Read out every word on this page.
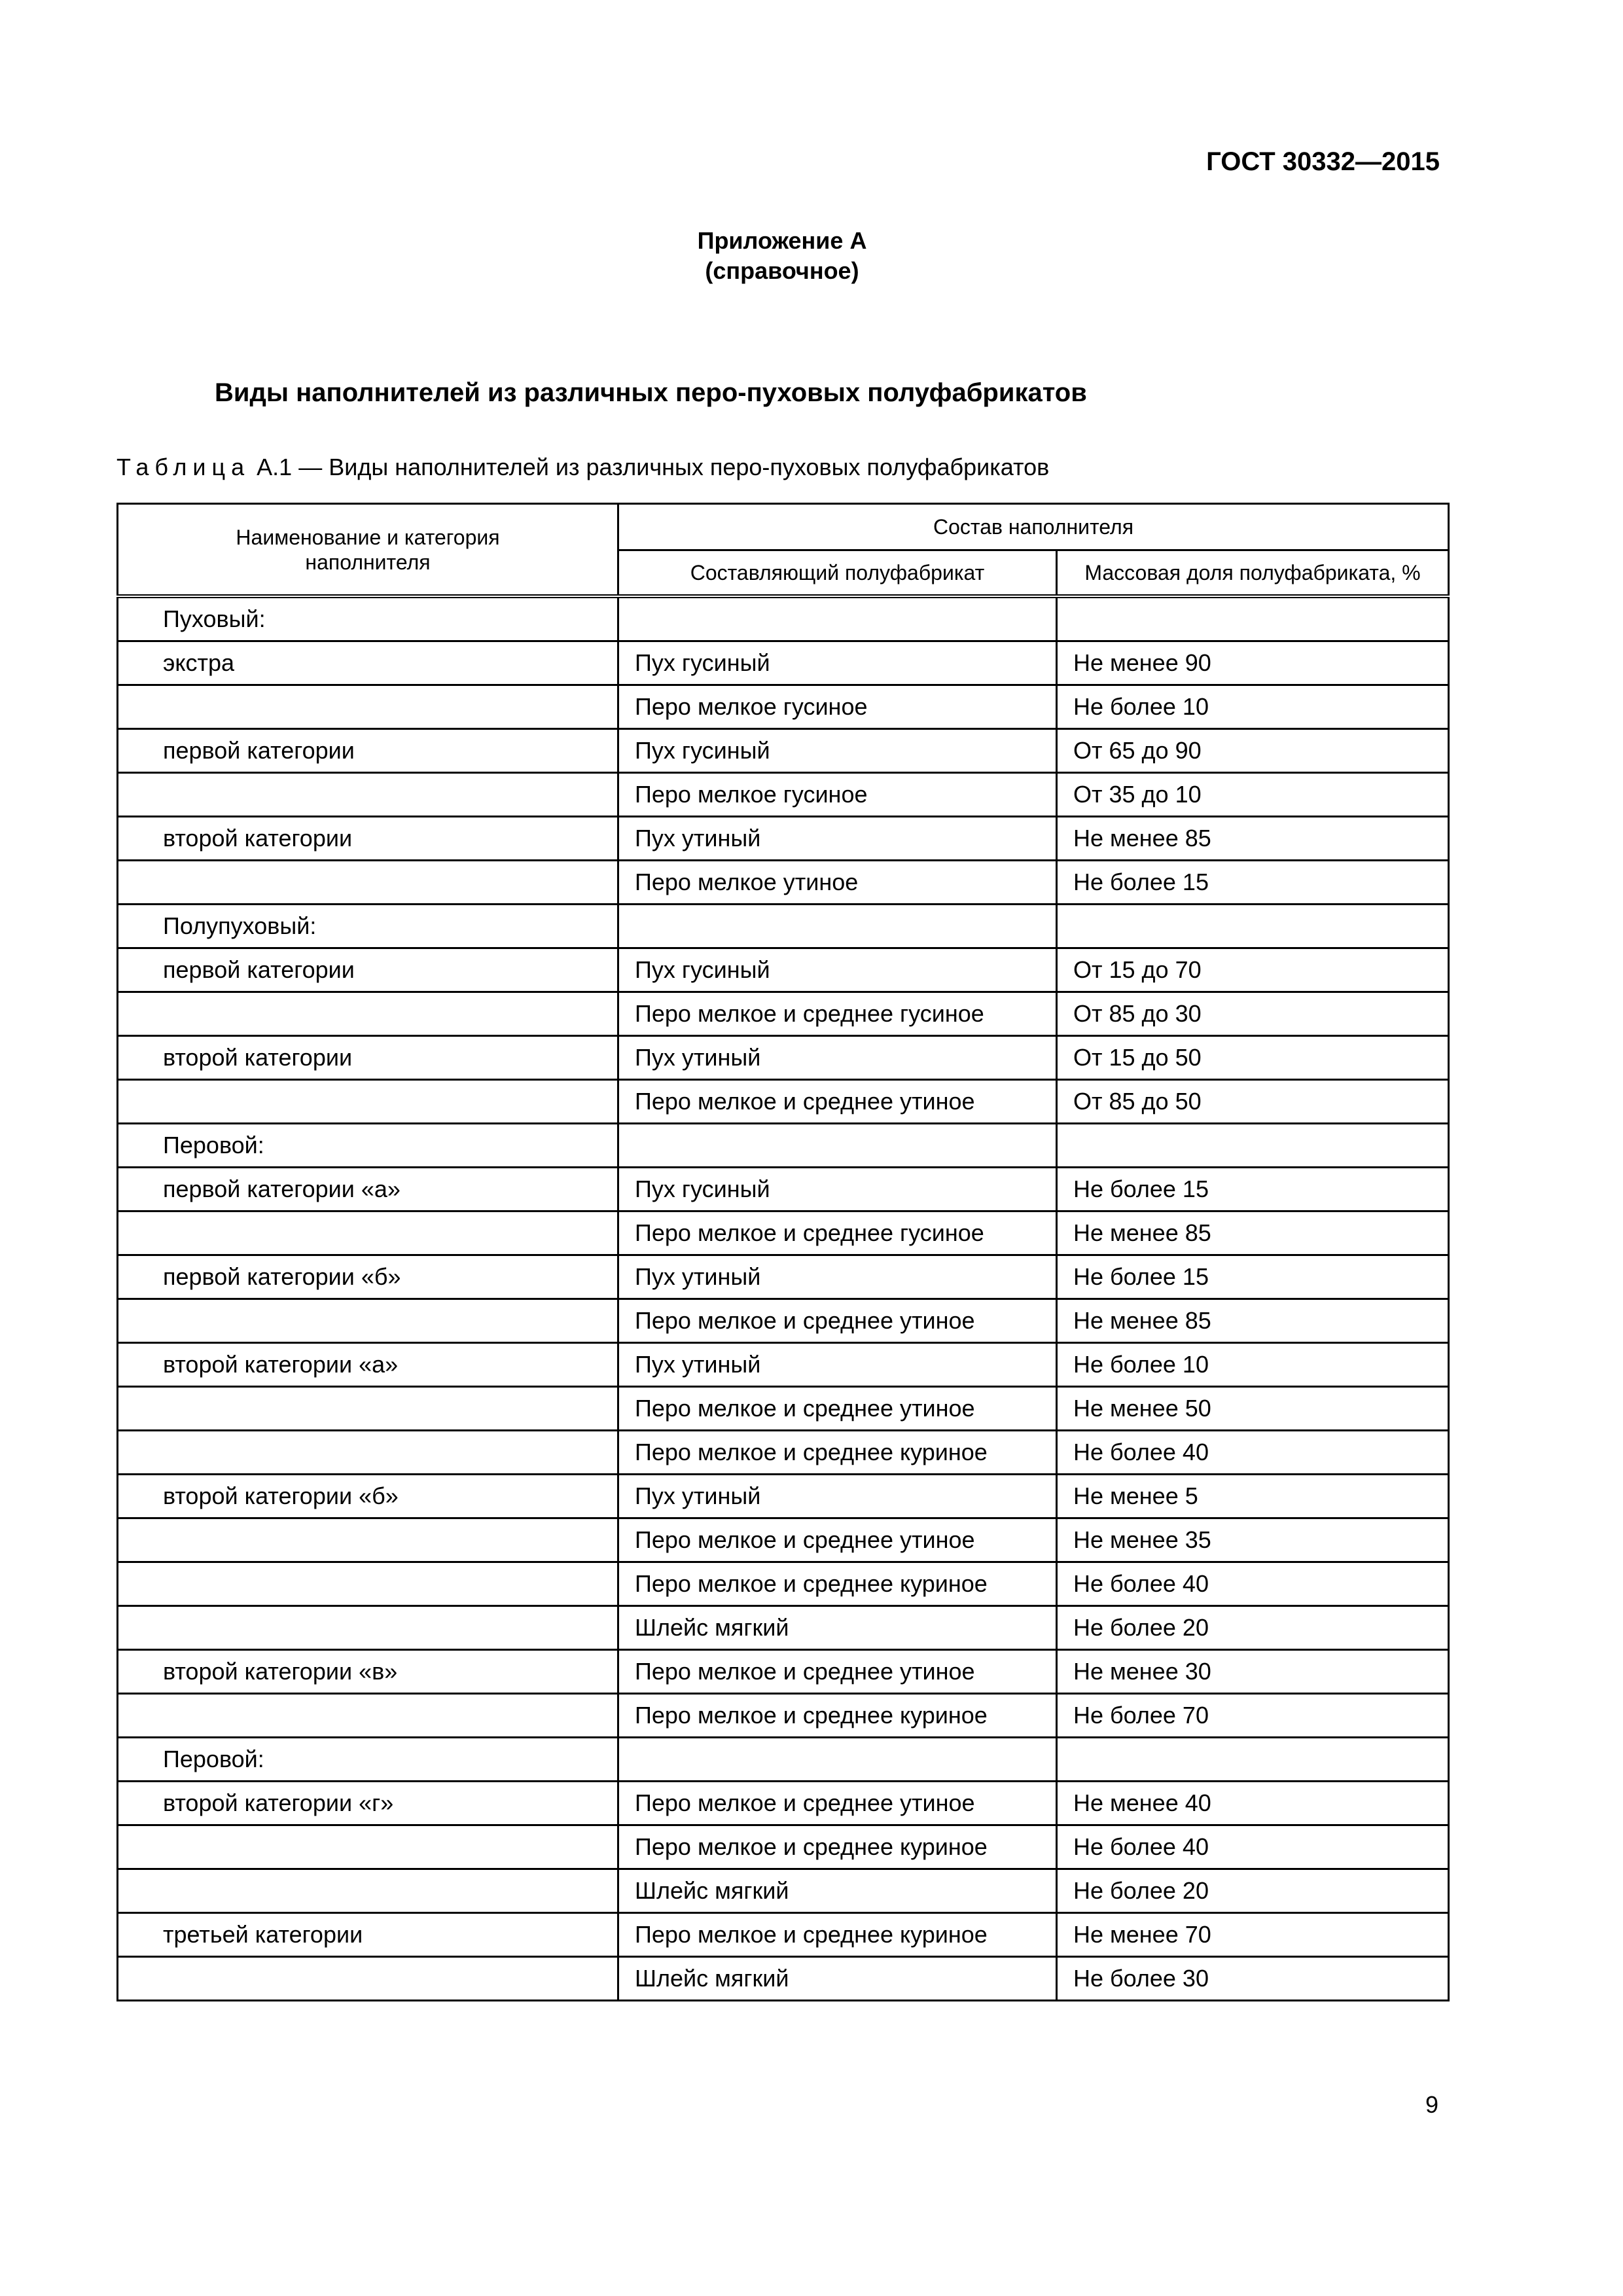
ГОСТ 30332—2015

Приложение А
(справочное)

Виды наполнителей из различных перо-пуховых полуфабрикатов

Таблица А.1 — Виды наполнителей из различных перо-пуховых полуфабрикатов

Наименование и категория
наполнителя	Состав наполнителя	
	Составляющий полуфабрикат	Массовая доля полуфабриката, %
Пуховый:		
экстра	Пух гусиный	Не менее 90
	Перо мелкое гусиное	Не более 10
первой категории	Пух гусиный	От 65 до 90
	Перо мелкое гусиное	От 35 до 10
второй категории	Пух утиный	Не менее 85
	Перо мелкое утиное	Не более 15
Полупуховый:		
первой категории	Пух гусиный	От 15 до 70
	Перо мелкое и среднее гусиное	От 85 до 30
второй категории	Пух утиный	От 15 до 50
	Перо мелкое и среднее утиное	От 85 до 50
Перовой:		
первой категории «а»	Пух гусиный	Не более 15
	Перо мелкое и среднее гусиное	Не менее 85
первой категории «б»	Пух утиный	Не более 15
	Перо мелкое и среднее утиное	Не менее 85
второй категории «а»	Пух утиный	Не более 10
	Перо мелкое и среднее утиное	Не менее 50
	Перо мелкое и среднее куриное	Не более 40
второй категории «б»	Пух утиный	Не менее 5
	Перо мелкое и среднее утиное	Не менее 35
	Перо мелкое и среднее куриное	Не более 40
	Шлейс мягкий	Не более 20
второй категории «в»	Перо мелкое и среднее утиное	Не менее 30
	Перо мелкое и среднее куриное	Не более 70
Перовой:		
второй категории «г»	Перо мелкое и среднее утиное	Не менее 40
	Перо мелкое и среднее куриное	Не более 40
	Шлейс мягкий	Не более 20
третьей категории	Перо мелкое и среднее куриное	Не менее 70
	Шлейс мягкий	Не более 30

9
